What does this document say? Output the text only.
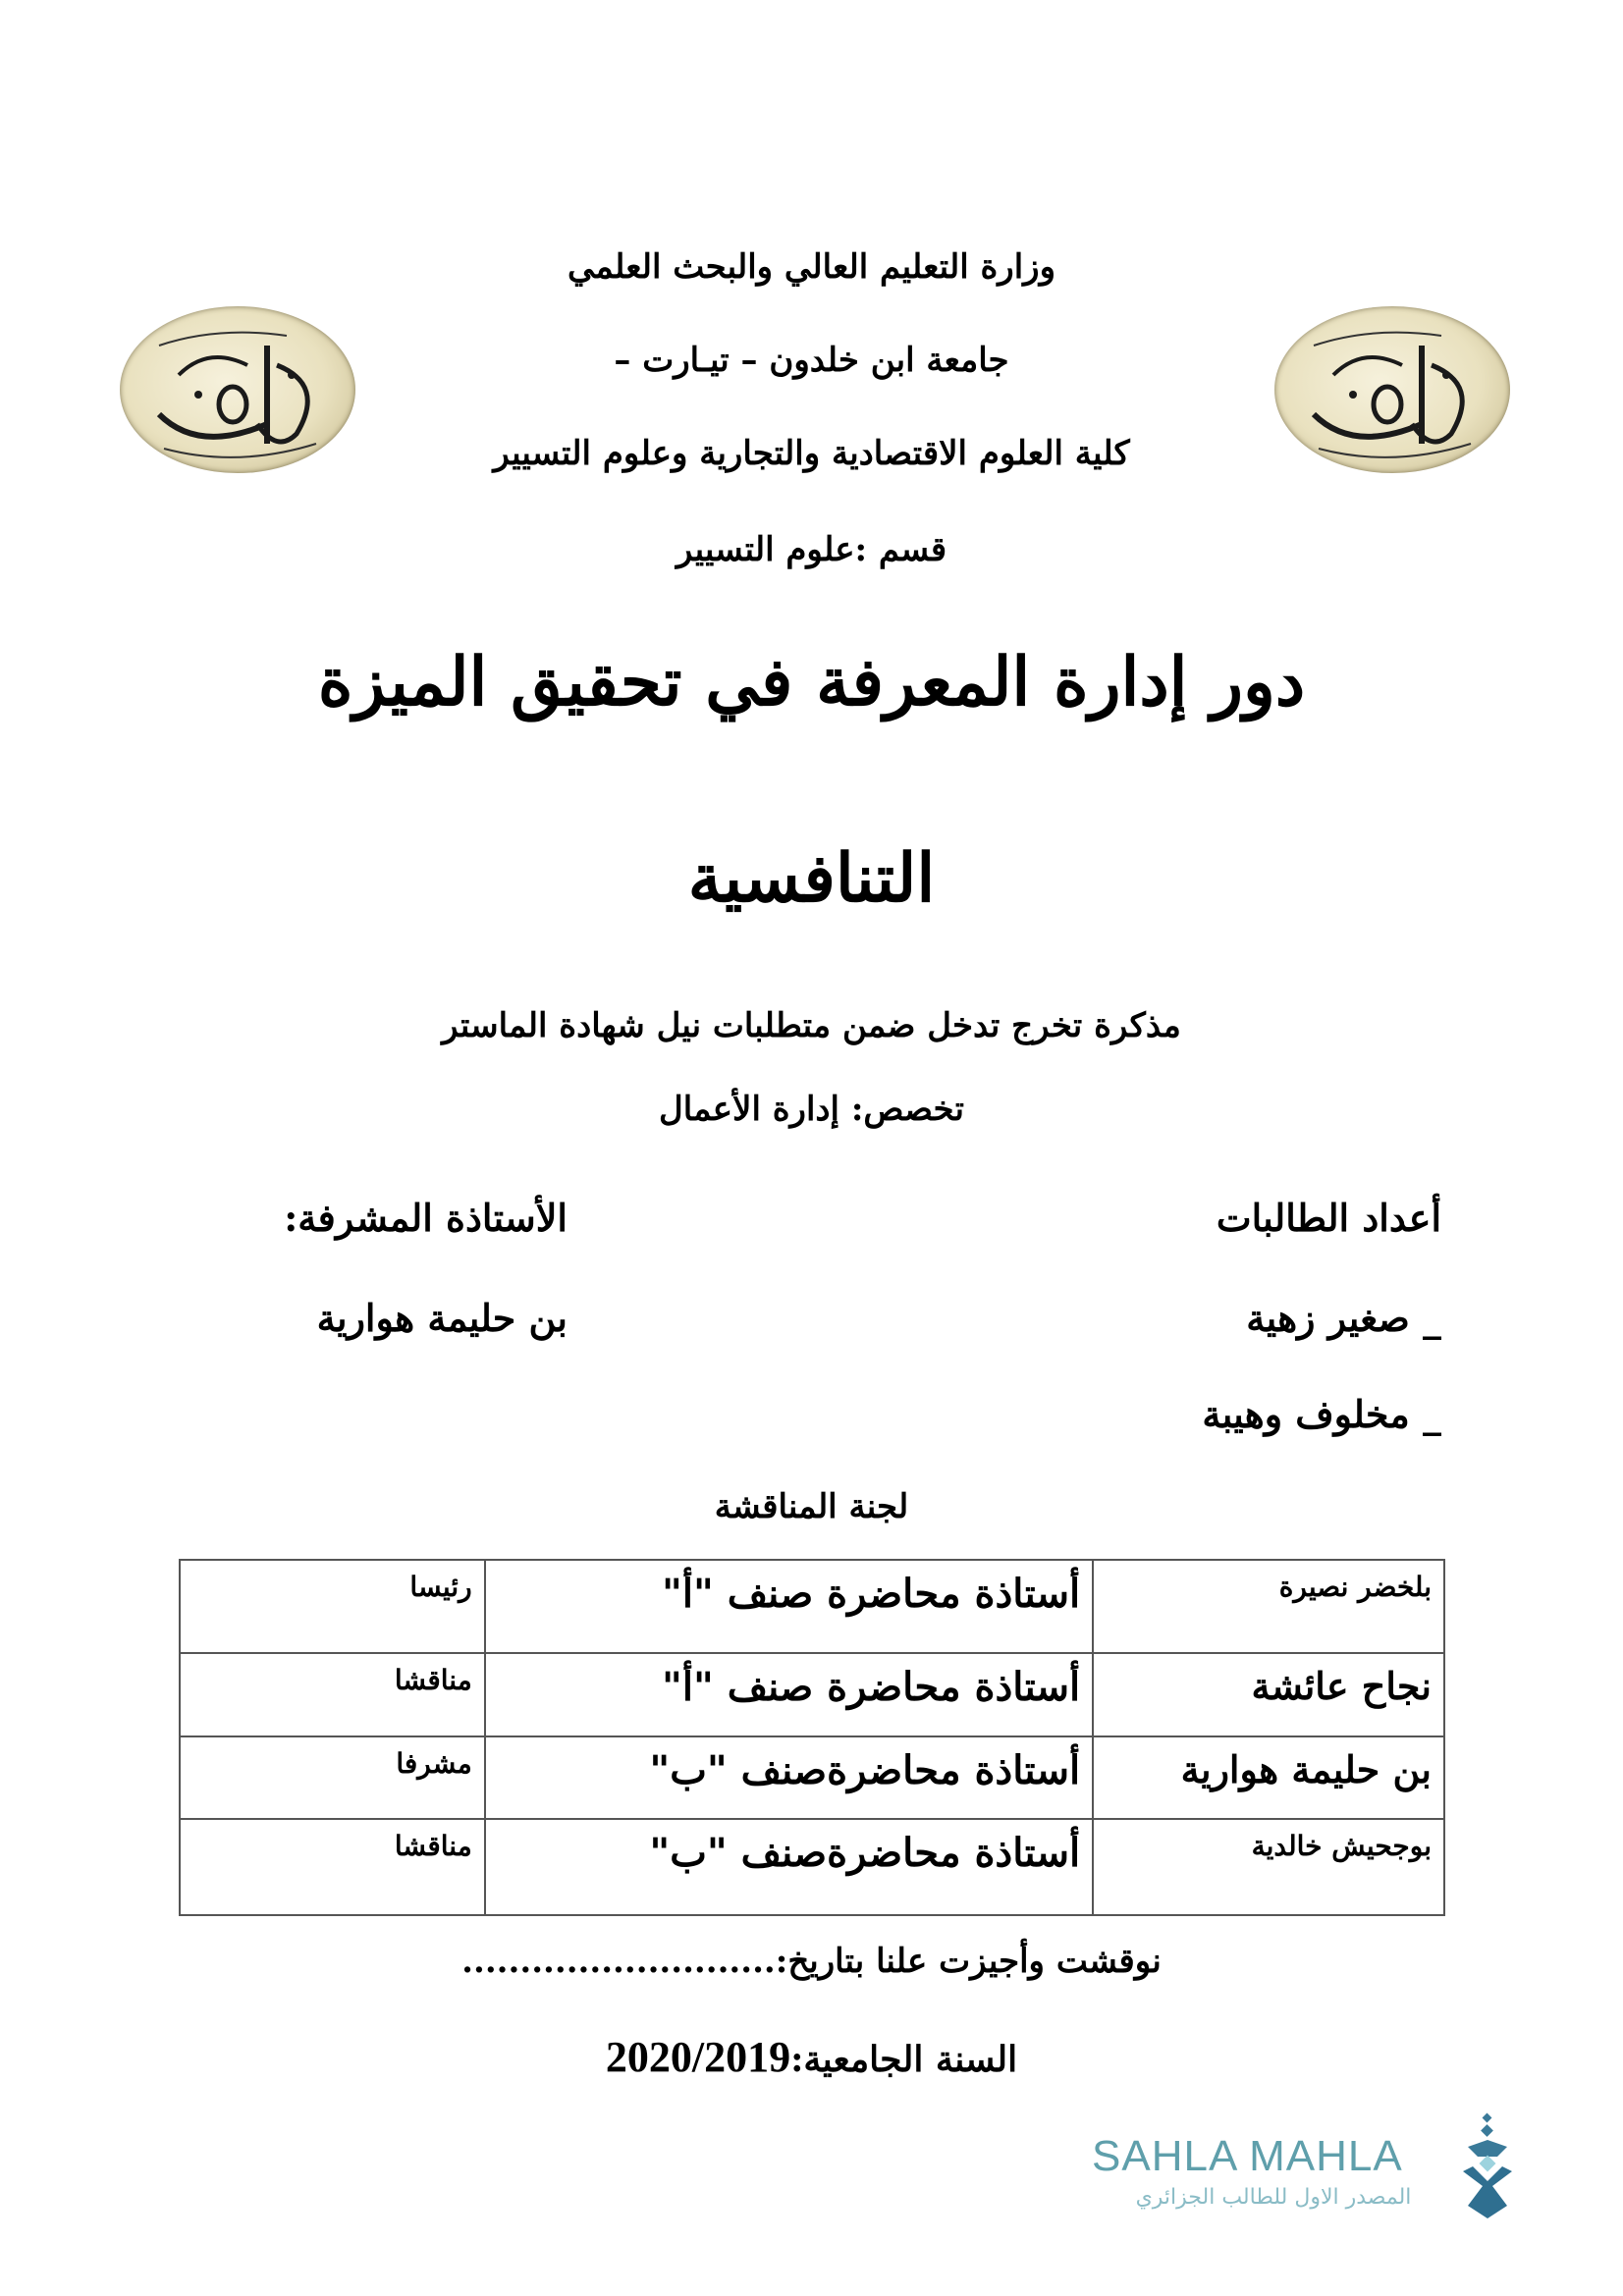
وزارة التعليم العالي والبحث العلمي
جامعة ابن خلدون – تيـارت –
كلية العلوم الاقتصادية والتجارية وعلوم التسيير
قسم :علوم التسيير
دور إدارة المعرفة في تحقيق الميزة
التنافسية
مذكرة تخرج تدخل ضمن متطلبات نيل شهادة الماستر
تخصص: إدارة الأعمال
أعداد الطالبات
_ صغير زهية
_ مخلوف وهيبة
الأستاذة المشرفة:
بن حليمة هوارية
لجنة المناقشة
بلخضر نصيرة	أستاذة محاضرة صنف "أ"	رئيسا
نجاح عائشة	أستاذة محاضرة صنف "أ"	مناقشا
بن حليمة هوارية	أستاذة محاضرةصنف "ب"	مشرفا
بوجحيش خالدية	أستاذة محاضرةصنف "ب"	مناقشا
نوقشت وأجيزت علنا بتاريخ:...........................
السنة الجامعية:2020/2019
SAHLA MAHLA
المصدر الاول للطالب الجزائري
